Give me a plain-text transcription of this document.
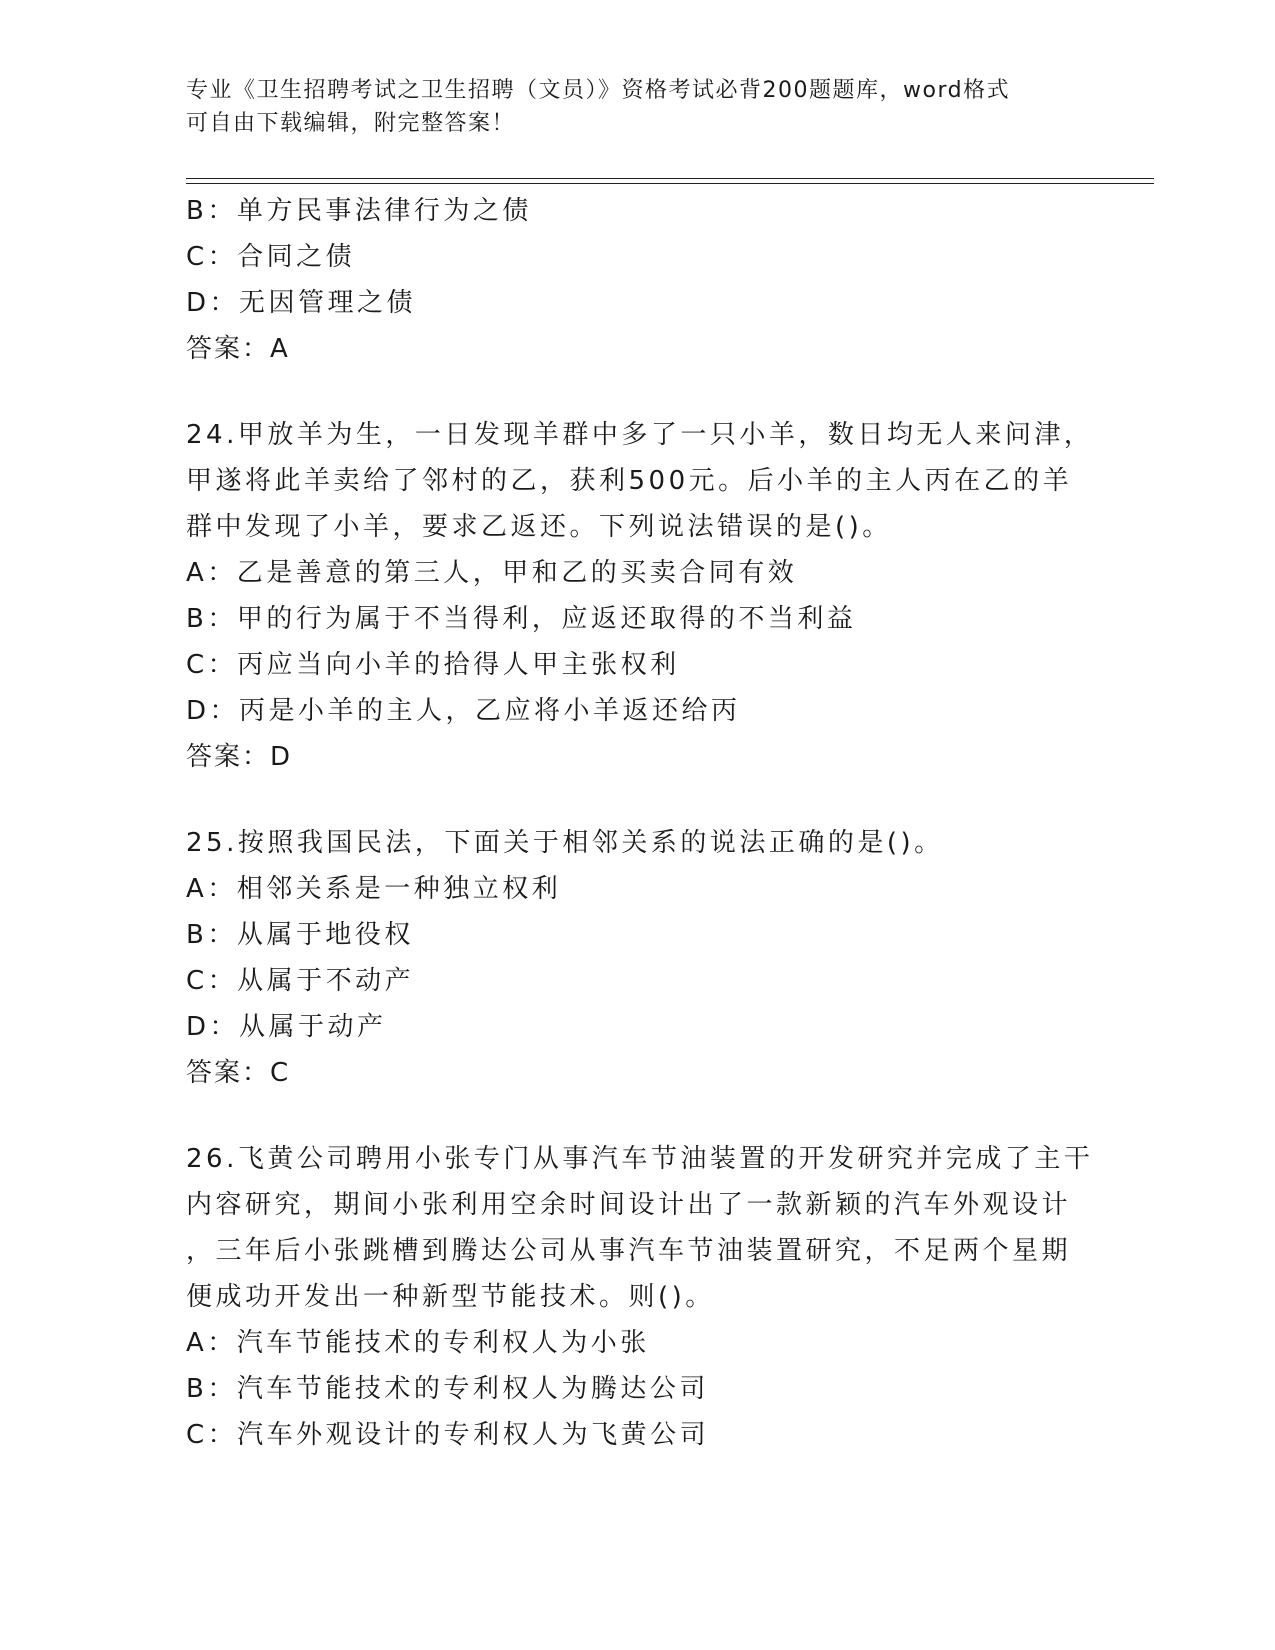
专业《卫生招聘考试之卫生招聘（文员）》资格考试必背200题题库，word格式

可自由下载编辑，附完整答案！

B：单方民事法律行为之债
C：合同之债
D：无因管理之债
答案：A
24.甲放羊为生，一日发现羊群中多了一只小羊，数日均无人来问津，
甲遂将此羊卖给了邻村的乙，获利500元。后小羊的主人丙在乙的羊
群中发现了小羊，要求乙返还。下列说法错误的是()。
A：乙是善意的第三人，甲和乙的买卖合同有效
B：甲的行为属于不当得利，应返还取得的不当利益
C：丙应当向小羊的拾得人甲主张权利
D：丙是小羊的主人，乙应将小羊返还给丙
答案：D
25.按照我国民法，下面关于相邻关系的说法正确的是()。
A：相邻关系是一种独立权利
B：从属于地役权
C：从属于不动产
D：从属于动产
答案：C
26.飞黄公司聘用小张专门从事汽车节油装置的开发研究并完成了主干
内容研究，期间小张利用空余时间设计出了一款新颖的汽车外观设计
，三年后小张跳槽到腾达公司从事汽车节油装置研究，不足两个星期
便成功开发出一种新型节能技术。则()。
A：汽车节能技术的专利权人为小张
B：汽车节能技术的专利权人为腾达公司
C：汽车外观设计的专利权人为飞黄公司
